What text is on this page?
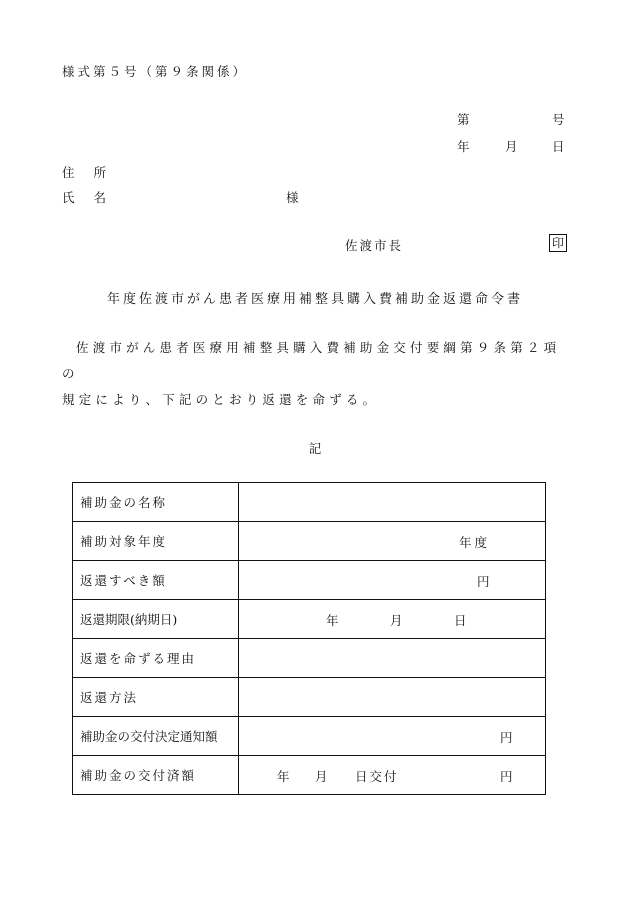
様式第５号（第９条関係）
第	号
年	月	日
住所
氏名	様
佐渡市長	印
年度佐渡市がん患者医療用補整具購入費補助金返還命令書
佐渡市がん患者医療用補整具購入費補助金交付要綱第９条第２項の
規定により、下記のとおり返還を命ずる。
記
補助金の名称	
補助対象年度	年度

返還すべき額	円

返還期限(納期日)	年 月 日

返還を命ずる理由	
返還方法	
補助金の交付決定通知額	円

補助金の交付済額	年 月 日交付 円
